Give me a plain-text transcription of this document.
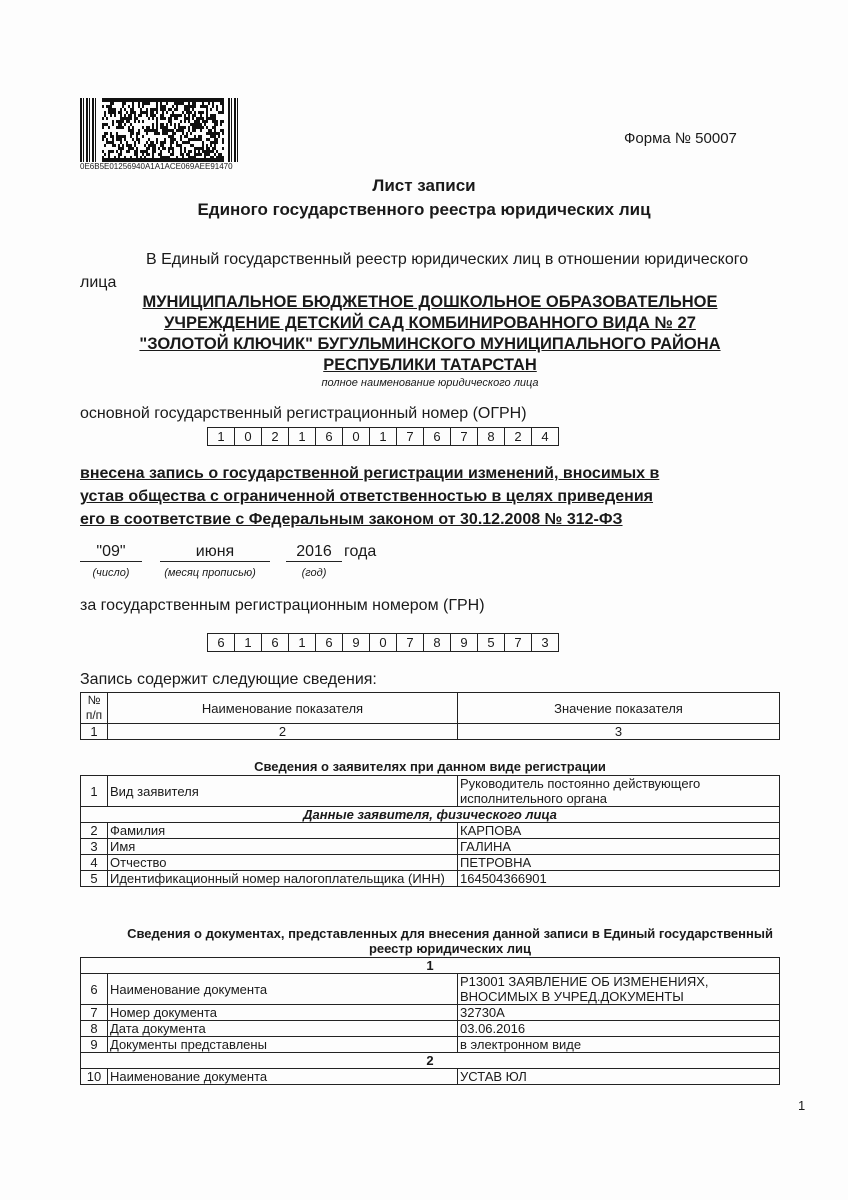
0E6B5E01256940A1A1ACE069AEE91470
Форма № 50007
Лист записи
Единого государственного реестра юридических лиц
В Единый государственный реестр юридических лиц в отношении юридического
лица
МУНИЦИПАЛЬНОЕ БЮДЖЕТНОЕ ДОШКОЛЬНОЕ ОБРАЗОВАТЕЛЬНОЕ
УЧРЕЖДЕНИЕ ДЕТСКИЙ САД КОМБИНИРОВАННОГО ВИДА № 27
"ЗОЛОТОЙ КЛЮЧИК" БУГУЛЬМИНСКОГО МУНИЦИПАЛЬНОГО РАЙОНА
РЕСПУБЛИКИ ТАТАРСТАН
полное наименование юридического лица
основной государственный регистрационный номер (ОГРН)
1	0	2	1	6	0	1	7	6	7	8	2	4
внесена запись о государственной регистрации изменений, вносимых в
устав общества с ограниченной ответственностью в целях приведения
его в соответствие с Федеральным законом от 30.12.2008 № 312-ФЗ
"09"	июня	2016 года
(число)	(месяц прописью)	(год)
за государственным регистрационным номером (ГРН)
6	1	6	1	6	9	0	7	8	9	5	7	3
Запись содержит следующие сведения:
№ п/п	Наименование показателя	Значение показателя
1	2	3
Сведения о заявителях при данном виде регистрации
1	Вид заявителя	Руководитель постоянно действующего исполнительного органа
Данные заявителя, физического лица		
2	Фамилия	КАРПОВА
3	Имя	ГАЛИНА
4	Отчество	ПЕТРОВНА
5	Идентификационный номер налогоплательщика (ИНН)	164504366901
Сведения о документах, представленных для внесения данной записи в Единый государственный реестр юридических лиц
1		
6	Наименование документа	Р13001 ЗАЯВЛЕНИЕ ОБ ИЗМЕНЕНИЯХ, ВНОСИМЫХ В УЧРЕД.ДОКУМЕНТЫ
7	Номер документа	32730А
8	Дата документа	03.06.2016
9	Документы представлены	в электронном виде
2		
10	Наименование документа	УСТАВ ЮЛ
1
